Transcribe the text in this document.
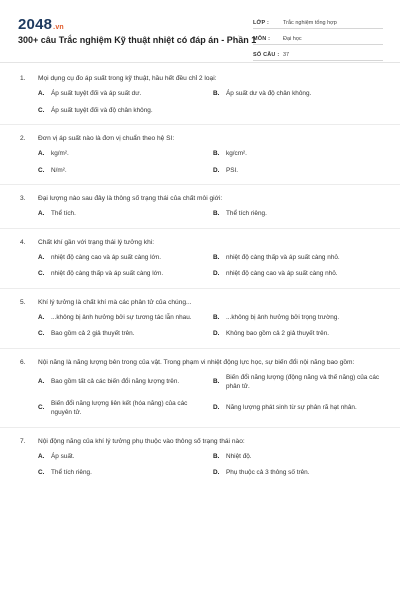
2048.vn
300+ câu Trắc nghiệm Kỹ thuật nhiệt có đáp án - Phần 1
LỚP :	Trắc nghiệm tổng hợp
MÔN :	Đại học
SỐ CÂU : 37
1. Mọi dụng cụ đo áp suất trong kỹ thuật, hầu hết đều chỉ 2 loại:
A.	Áp suất tuyệt đối và áp suất dư.	B.	Áp suất dư và độ chân không.
C.	Áp suất tuyệt đối và độ chân không.
2. Đơn vị áp suất nào là đơn vị chuẩn theo hệ SI:
A.	kg/m².	B.	kg/cm².
C.	N/m².	D.	PSI.
3. Đại lượng nào sau đây là thông số trạng thái của chất môi giới:
A.	Thể tích.	B.	Thể tích riêng.
4. Chất khí gần với trạng thái lý tưởng khi:
A.	nhiệt độ càng cao và áp suất càng lớn.	B.	nhiệt độ càng thấp và áp suất càng nhỏ.
C.	nhiệt độ càng thấp và áp suất càng lớn.	D.	nhiệt độ càng cao và áp suất càng nhỏ.
5. Khí lý tưởng là chất khí mà các phân tử của chúng...
A.	...không bị ảnh hưởng bởi sự tương tác lẫn nhau.	B.	...không bị ảnh hưởng bởi trọng trường.
C.	Bao gồm cả 2 giả thuyết trên.	D.	Không bao gồm cả 2 giả thuyết trên.
6. Nội năng là năng lượng bên trong của vật. Trong phạm vi nhiệt động lực học, sự biến đổi nội năng bao gồm:
A.	Bao gồm tất cả các biến đổi năng lượng trên.	B.
Biến đổi năng lượng (động năng và thế năng) của các phân tử.
C.
Biến đổi năng lượng liên kết (hóa năng) của các nguyên tử.
D.	Năng lượng phát sinh từ sự phân rã hạt nhân.
7. Nội động năng của khí lý tưởng phụ thuộc vào thông số trạng thái nào:
A.	Áp suất.	B.	Nhiệt độ.
C.	Thể tích riêng.	D.	Phụ thuộc cả 3 thông số trên.
